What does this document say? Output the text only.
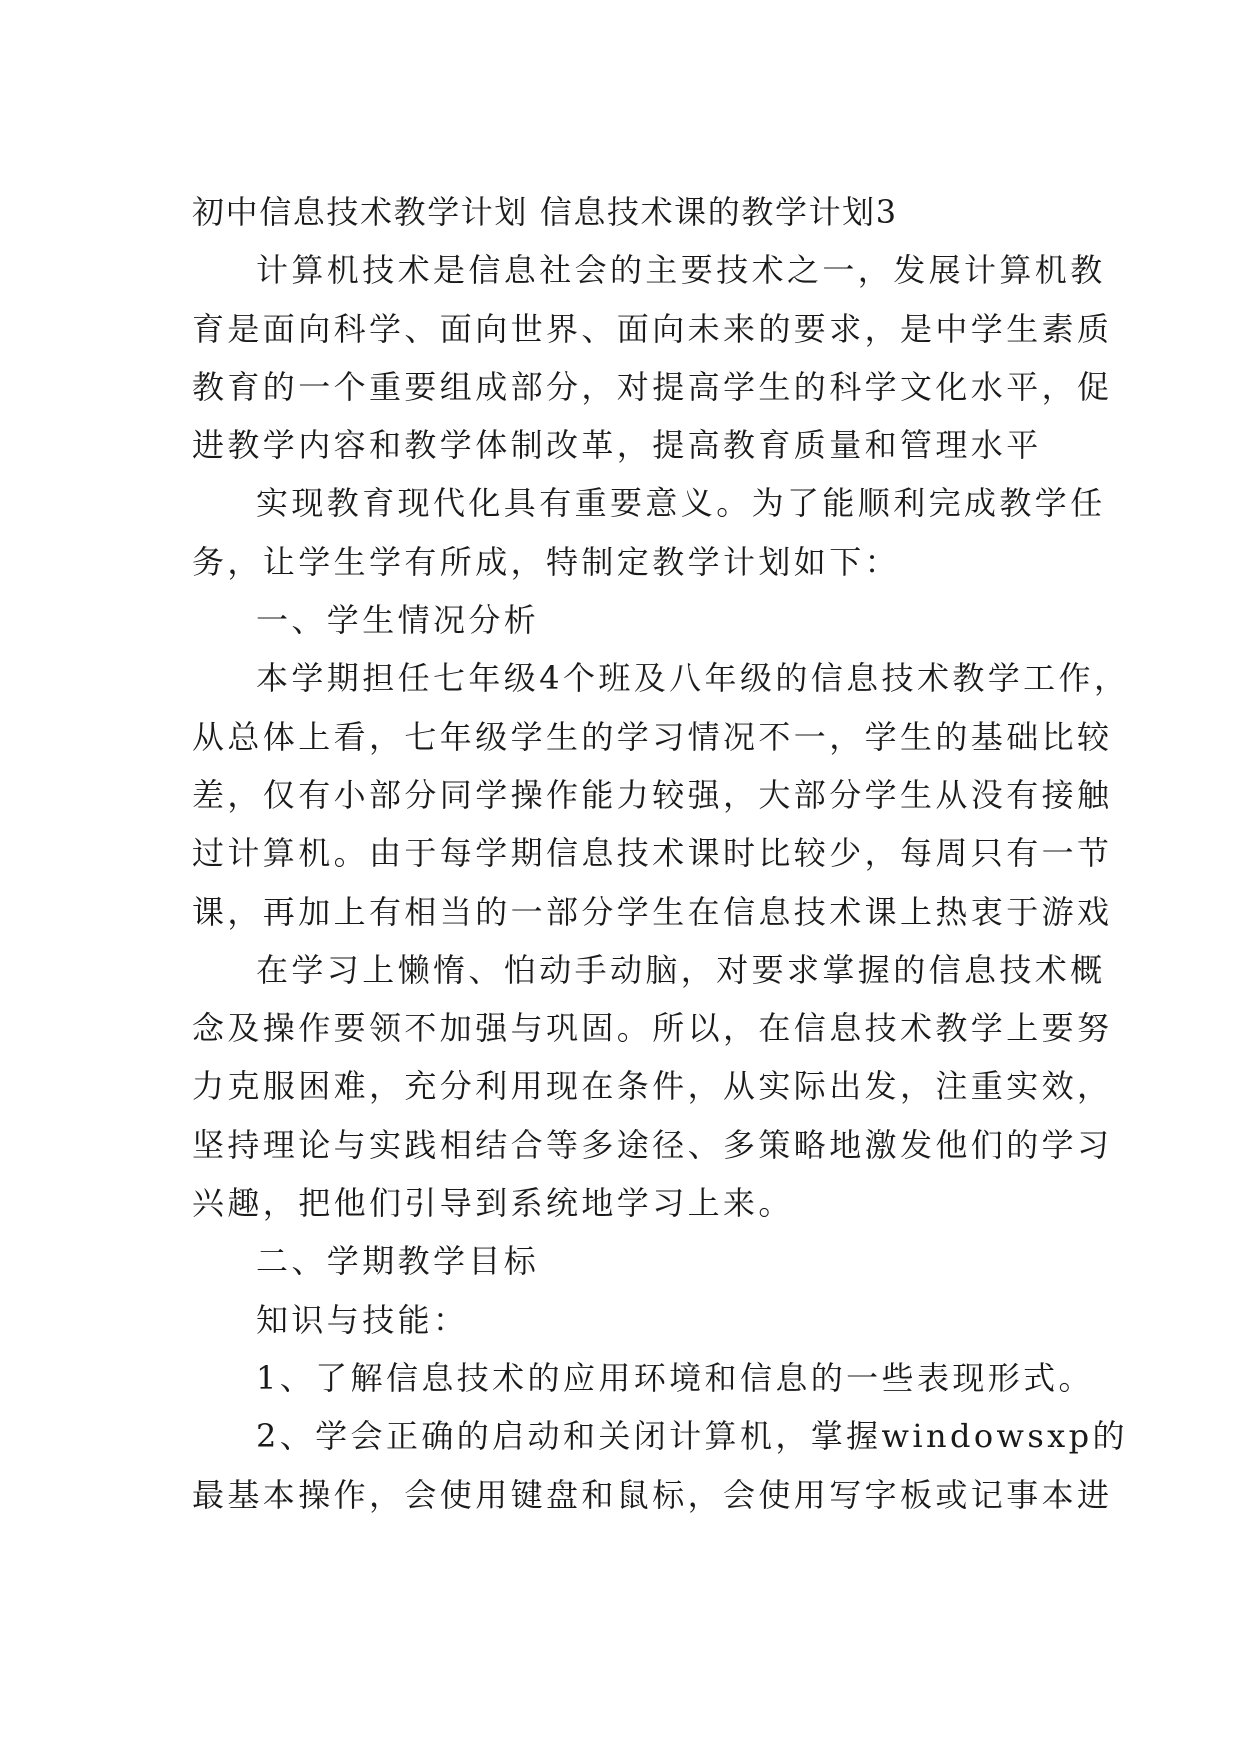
初中信息技术教学计划 信息技术课的教学计划3
计算机技术是信息社会的主要技术之一，发展计算机教
育是面向科学、面向世界、面向未来的要求，是中学生素质
教育的一个重要组成部分，对提高学生的科学文化水平，促
进教学内容和教学体制改革，提高教育质量和管理水平
实现教育现代化具有重要意义。为了能顺利完成教学任
务，让学生学有所成，特制定教学计划如下：
一、学生情况分析
本学期担任七年级4个班及八年级的信息技术教学工作，
从总体上看，七年级学生的学习情况不一，学生的基础比较
差，仅有小部分同学操作能力较强，大部分学生从没有接触
过计算机。由于每学期信息技术课时比较少，每周只有一节
课，再加上有相当的一部分学生在信息技术课上热衷于游戏
在学习上懒惰、怕动手动脑，对要求掌握的信息技术概
念及操作要领不加强与巩固。所以，在信息技术教学上要努
力克服困难，充分利用现在条件，从实际出发，注重实效，
坚持理论与实践相结合等多途径、多策略地激发他们的学习
兴趣，把他们引导到系统地学习上来。
二、学期教学目标
知识与技能：
1、了解信息技术的应用环境和信息的一些表现形式。
2、学会正确的启动和关闭计算机，掌握windowsxp的
最基本操作，会使用键盘和鼠标，会使用写字板或记事本进
